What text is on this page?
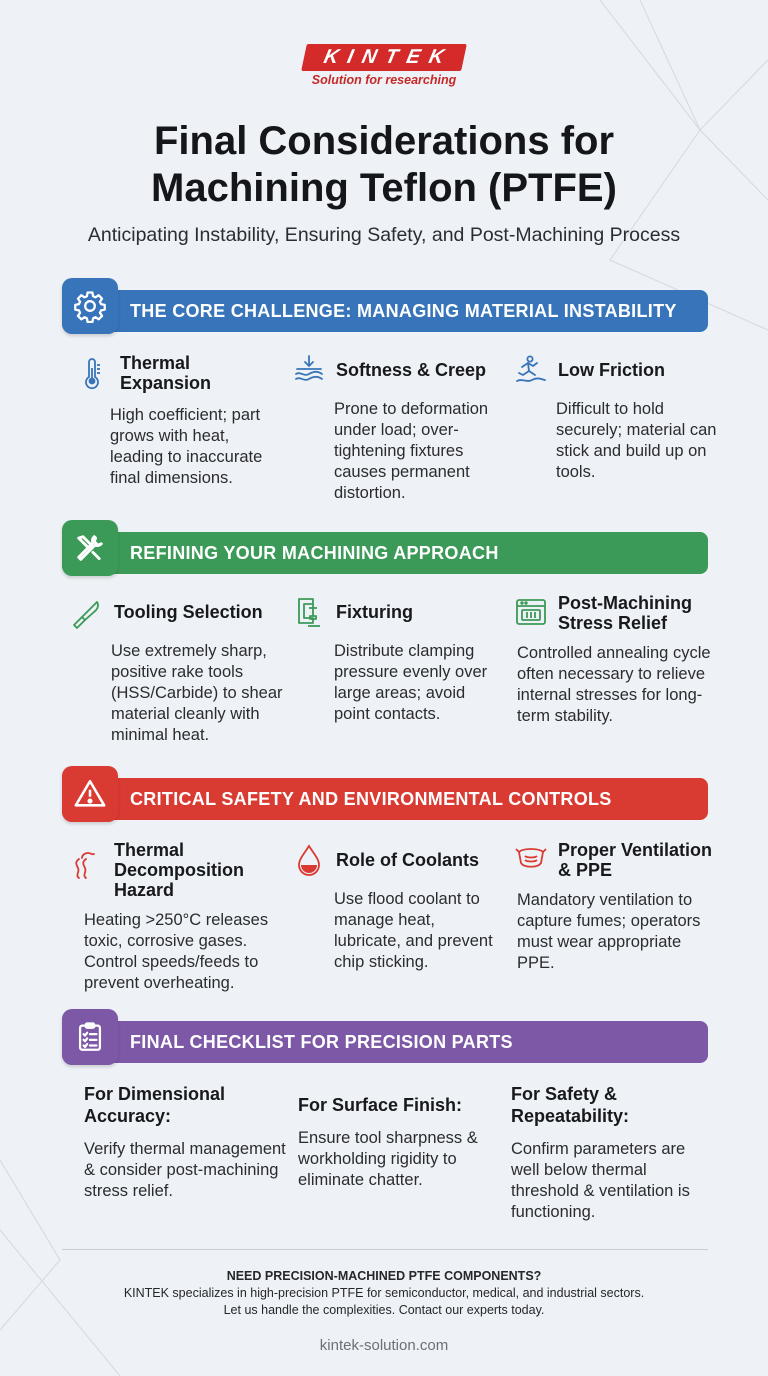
KINTEK
Solution for researching
Final Considerations for
Machining Teflon (PTFE)

Anticipating Instability, Ensuring Safety, and Post-Machining Process

THE CORE CHALLENGE: MANAGING MATERIAL INSTABILITY
Thermal Expansion
High coefficient; part grows with heat, leading to inaccurate final dimensions.
Softness & Creep
Prone to deformation under load; over-tightening fixtures causes permanent distortion.
Low Friction
Difficult to hold securely; material can stick and build up on tools.
REFINING YOUR MACHINING APPROACH
Tooling Selection
Use extremely sharp, positive rake tools (HSS/Carbide) to shear material cleanly with minimal heat.
Fixturing
Distribute clamping pressure evenly over large areas; avoid point contacts.
Post-Machining Stress Relief
Controlled annealing cycle often necessary to relieve internal stresses for long-term stability.
CRITICAL SAFETY AND ENVIRONMENTAL CONTROLS
Thermal Decomposition Hazard
Heating >250°C releases toxic, corrosive gases. Control speeds/feeds to prevent overheating.
Role of Coolants
Use flood coolant to manage heat, lubricate, and prevent chip sticking.
Proper Ventilation & PPE
Mandatory ventilation to capture fumes; operators must wear appropriate PPE.
FINAL CHECKLIST FOR PRECISION PARTS
For Dimensional Accuracy:
Verify thermal management & consider post-machining stress relief.
For Surface Finish:
Ensure tool sharpness & workholding rigidity to eliminate chatter.
For Safety & Repeatability:
Confirm parameters are well below thermal threshold & ventilation is functioning.
NEED PRECISION-MACHINED PTFE COMPONENTS?
KINTEK specializes in high-precision PTFE for semiconductor, medical, and industrial sectors.
Let us handle the complexities. Contact our experts today.
kintek-solution.com
